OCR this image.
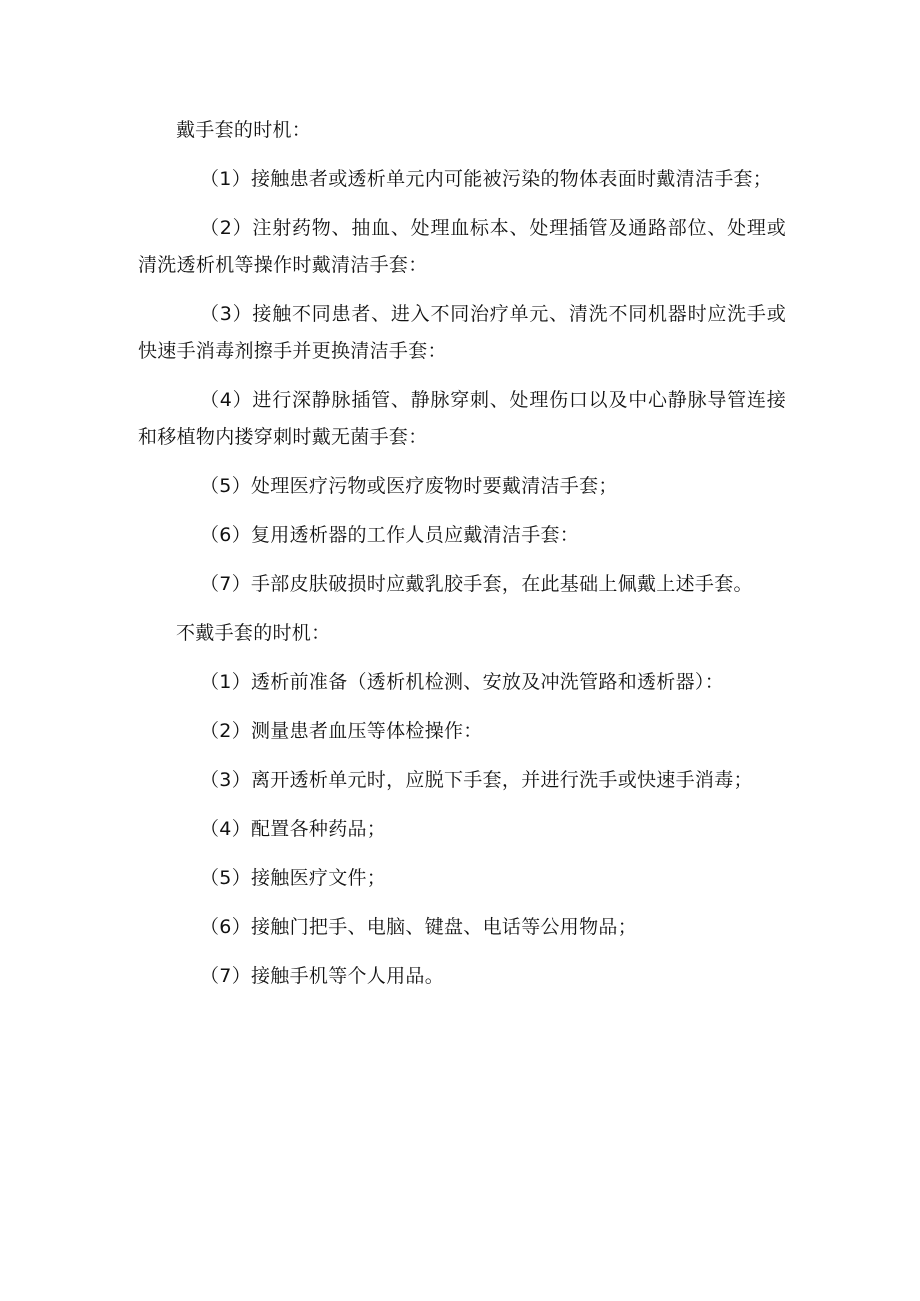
戴手套的时机：

（1）接触患者或透析单元内可能被污染的物体表面时戴清洁手套；

（2）注射药物、抽血、处理血标本、处理插管及通路部位、处理或清洗透析机等操作时戴清洁手套：

（3）接触不同患者、进入不同治疗单元、清洗不同机器时应洗手或快速手消毒剂擦手并更换清洁手套：

（4）进行深静脉插管、静脉穿刺、处理伤口以及中心静脉导管连接和移植物内搂穿刺时戴无菌手套：

（5）处理医疗污物或医疗废物时要戴清洁手套；

（6）复用透析器的工作人员应戴清洁手套：

（7）手部皮肤破损时应戴乳胶手套，在此基础上佩戴上述手套。

不戴手套的时机：

（1）透析前准备（透析机检测、安放及冲洗管路和透析器）：

（2）测量患者血压等体检操作：

（3）离开透析单元时，应脱下手套，并进行洗手或快速手消毒；

（4）配置各种药品；

（5）接触医疗文件；

（6）接触门把手、电脑、键盘、电话等公用物品；

（7）接触手机等个人用品。
